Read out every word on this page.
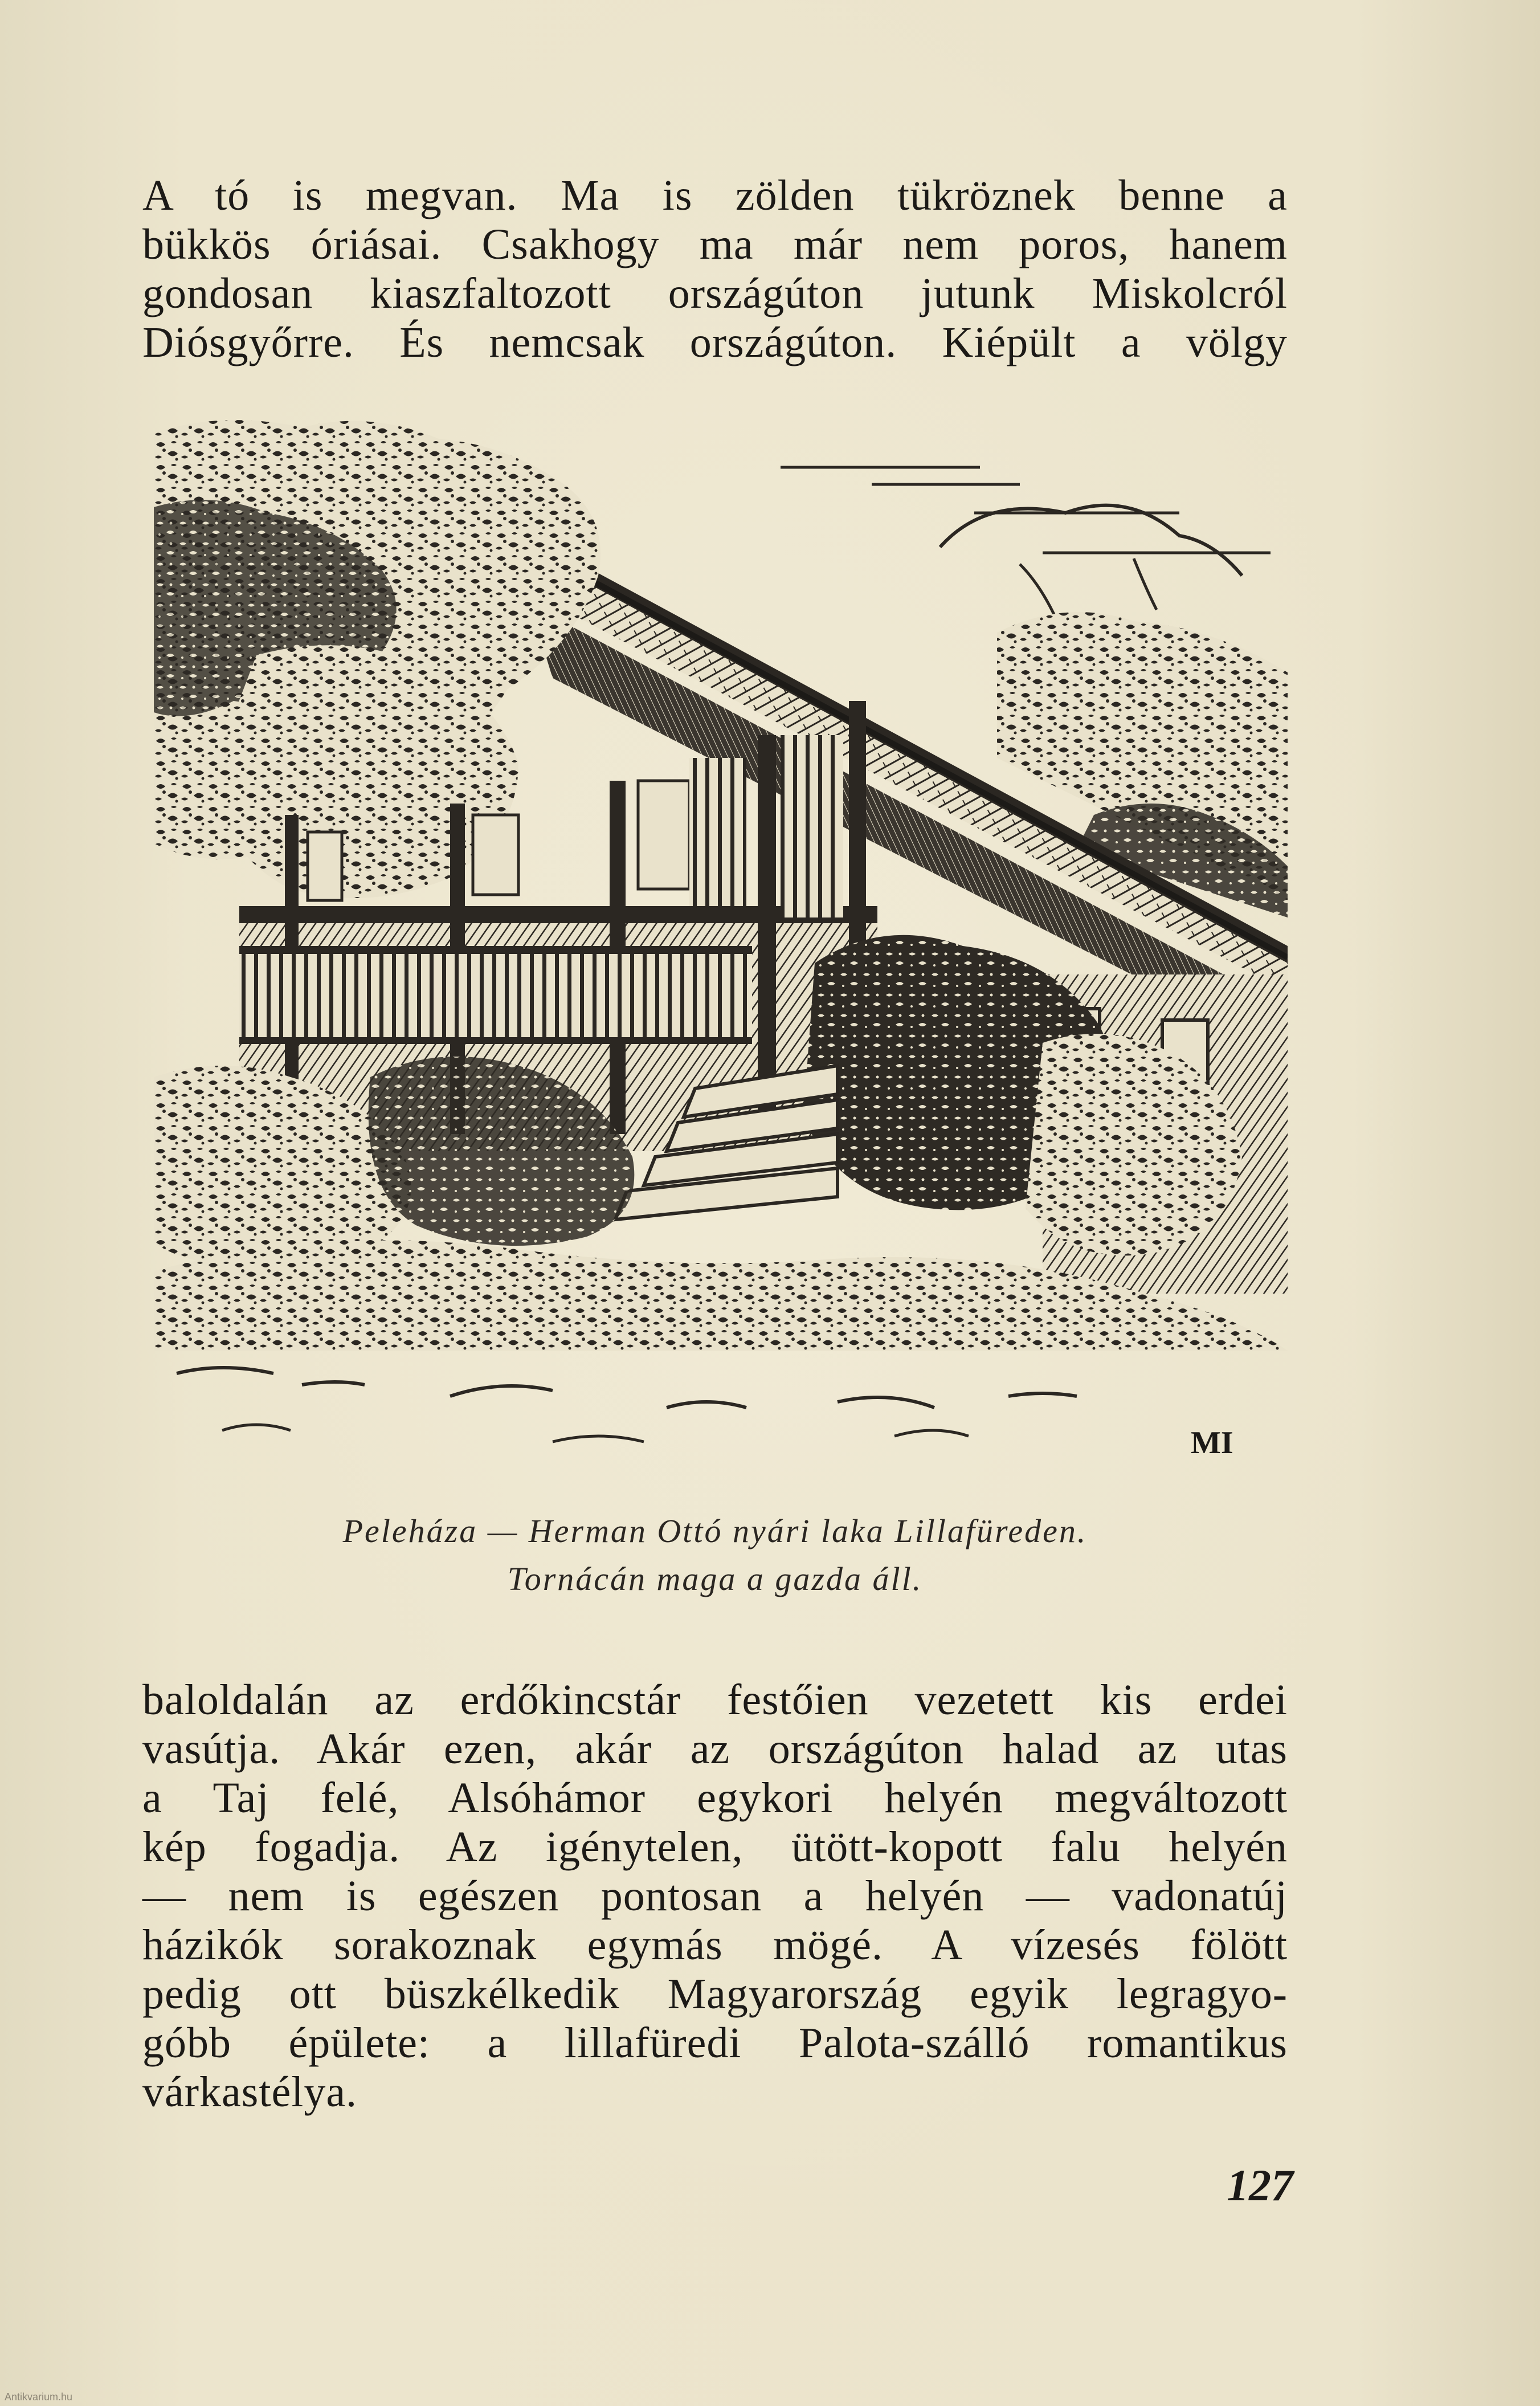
A tó is megvan. Ma is zölden tükröznek benne a
bükkös óriásai. Csakhogy ma már nem poros, hanem
gondosan kiaszfaltozott országúton jutunk Miskolcról
Diósgyőrre. És nemcsak országúton. Kiépült a völgy
MI
Peleháza — Herman Ottó nyári laka Lillafüreden.
Tornácán maga a gazda áll.
baloldalán az erdőkincstár festőien vezetett kis erdei
vasútja. Akár ezen, akár az országúton halad az utas
a Taj felé, Alsóhámor egykori helyén megváltozott
kép fogadja. Az igénytelen, ütött-kopott falu helyén
— nem is egészen pontosan a helyén — vadonatúj
házikók sorakoznak egymás mögé. A vízesés fölött
pedig ott büszkélkedik Magyarország egyik legragyo-
góbb épülete: a lillafüredi Palota-szálló romantikus
várkastélya.
127
Antikvarium.hu
